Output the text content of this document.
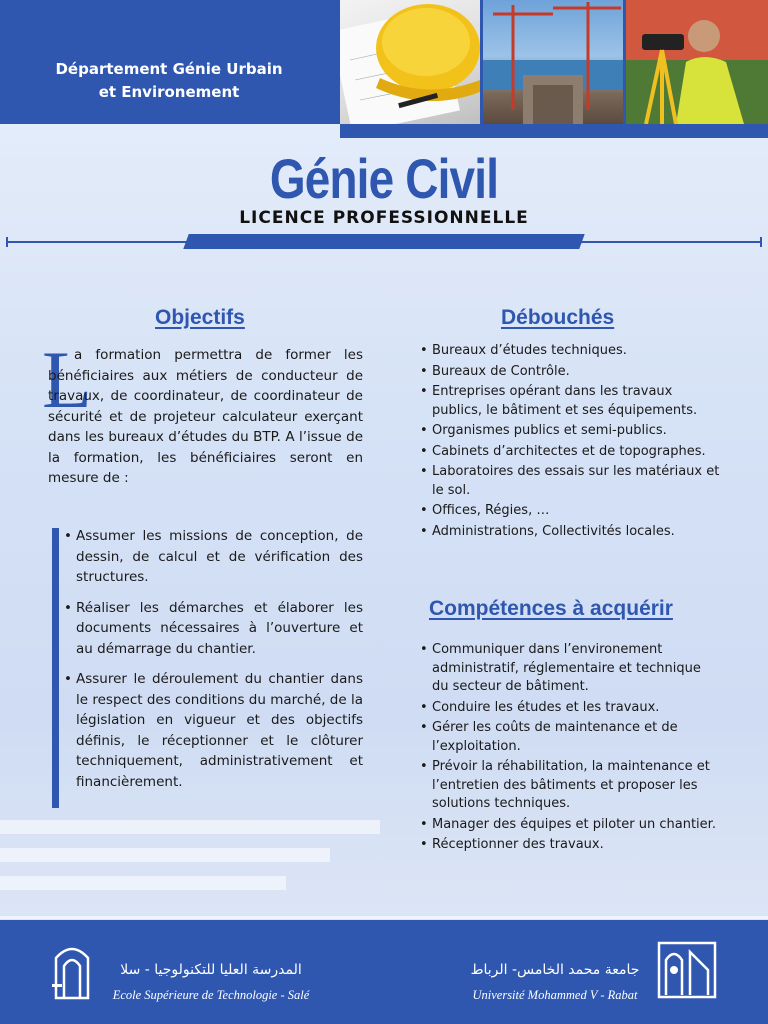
Département Génie Urbain
et Environement
Génie Civil
LICENCE PROFESSIONNELLE
Objectifs
L
a formation permettra de former les bénéficiaires aux métiers de conducteur de travaux, de coordinateur, de coordinateur de sécurité et de projeteur calculateur exerçant dans les bureaux d’études du BTP. A l’issue de la formation, les bénéficiaires seront en mesure de :
• Assumer les missions de conception, de dessin, de calcul et de vérification des structures.
• Réaliser les démarches et élaborer les documents nécessaires à l’ouverture et au démarrage du chantier.
• Assurer le déroulement du chantier dans le respect des conditions du marché, de la législation en vigueur et des objectifs définis, le réceptionner et le clôturer techniquement, administrativement et financièrement.
Débouchés
• Bureaux d’études techniques.
• Bureaux de Contrôle.
• Entreprises opérant dans les travaux publics, le bâtiment et ses équipements.
• Organismes publics et semi-publics.
• Cabinets d’architectes et de topographes.
• Laboratoires des essais sur les matériaux et le sol.
• Offices, Régies, …
• Administrations, Collectivités locales.
Compétences à acquérir
• Communiquer dans l’environement administratif, réglementaire et technique du secteur de bâtiment.
• Conduire les études et les travaux.
• Gérer les coûts de maintenance et de l’exploitation.
• Prévoir la réhabilitation, la maintenance et l’entretien des bâtiments et proposer les solutions techniques.
• Manager des équipes et piloter un chantier.
• Réceptionner des travaux.
المدرسة العليا للتكنولوجيا - سلا
Ecole Supérieure de Technologie - Salé
جامعة محمد الخامس- الرباط
Université Mohammed V - Rabat
